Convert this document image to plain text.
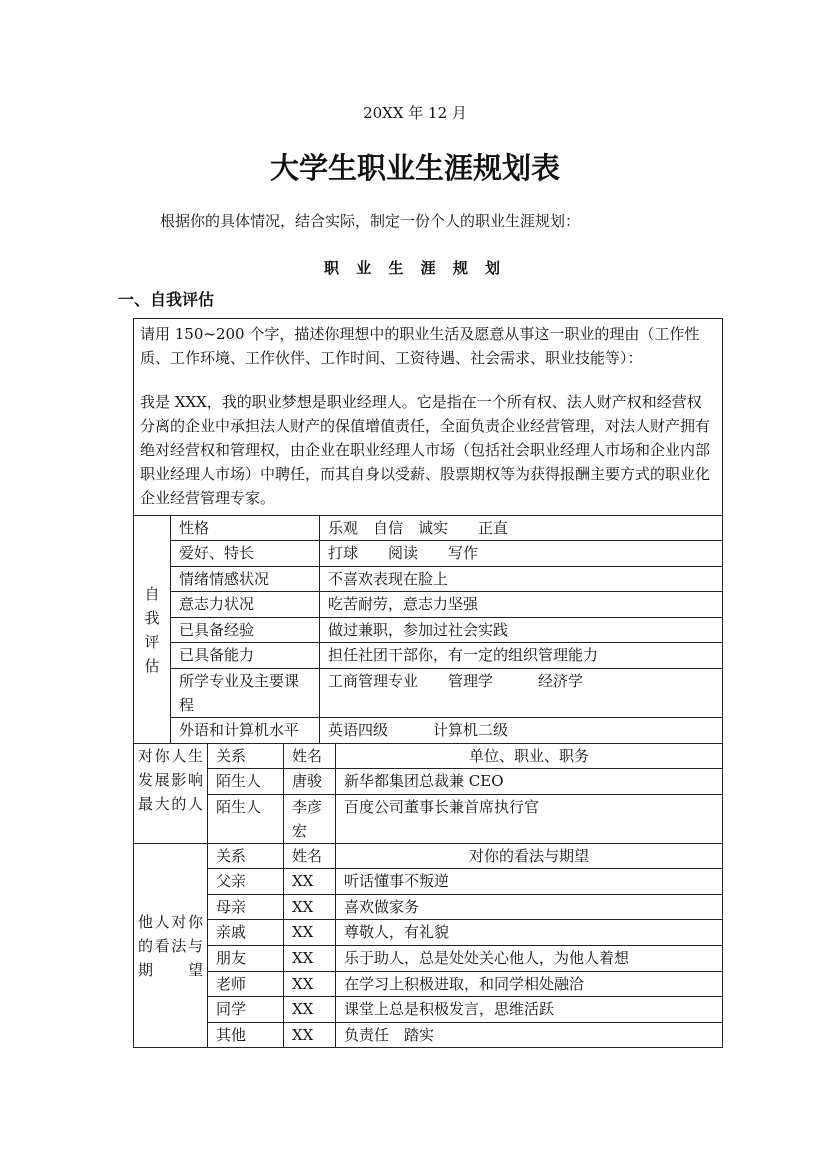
20XX 年 12 月
大学生职业生涯规划表
根据你的具体情况，结合实际，制定一份个人的职业生涯规划：
职 业 生 涯 规 划
一、自我评估
请用 150~200 个字，描述你理想中的职业生活及愿意从事这一职业的理由（工作性质、工作环境、工作伙伴、工作时间、工资待遇、社会需求、职业技能等）：
我是 XXX，我的职业梦想是职业经理人。它是指在一个所有权、法人财产权和经营权分离的企业中承担法人财产的保值增值责任，全面负责企业经营管理，对法人财产拥有绝对经营权和管理权，由企业在职业经理人市场（包括社会职业经理人市场和企业内部职业经理人市场）中聘任，而其自身以受薪、股票期权等为获得报酬主要方式的职业化企业经营管理专家。
自我评估	性格	乐观　自信　诚实　　正直
	爱好、特长	打球　　阅读　　写作
	情绪情感状况	不喜欢表现在脸上
	意志力状况	吃苦耐劳，意志力坚强
	已具备经验	做过兼职，参加过社会实践
	已具备能力	担任社团干部你，有一定的组织管理能力
	所学专业及主要课程	工商管理专业　　管理学　　　经济学
	外语和计算机水平	英语四级　　　计算机二级
对你人生发展影响最大的人	关系	姓名	单位、职业、职务
	陌生人	唐骏	新华都集团总裁兼 CEO
	陌生人	李彦宏	百度公司董事长兼首席执行官
他人对你的看法与期望	关系	姓名	对你的看法与期望
	父亲	XX	听话懂事不叛逆
	母亲	XX	喜欢做家务
	亲戚	XX	尊敬人，有礼貌
	朋友	XX	乐于助人，总是处处关心他人，为他人着想
	老师	XX	在学习上积极进取，和同学相处融洽
	同学	XX	课堂上总是积极发言，思维活跃
	其他	XX	负责任　踏实
